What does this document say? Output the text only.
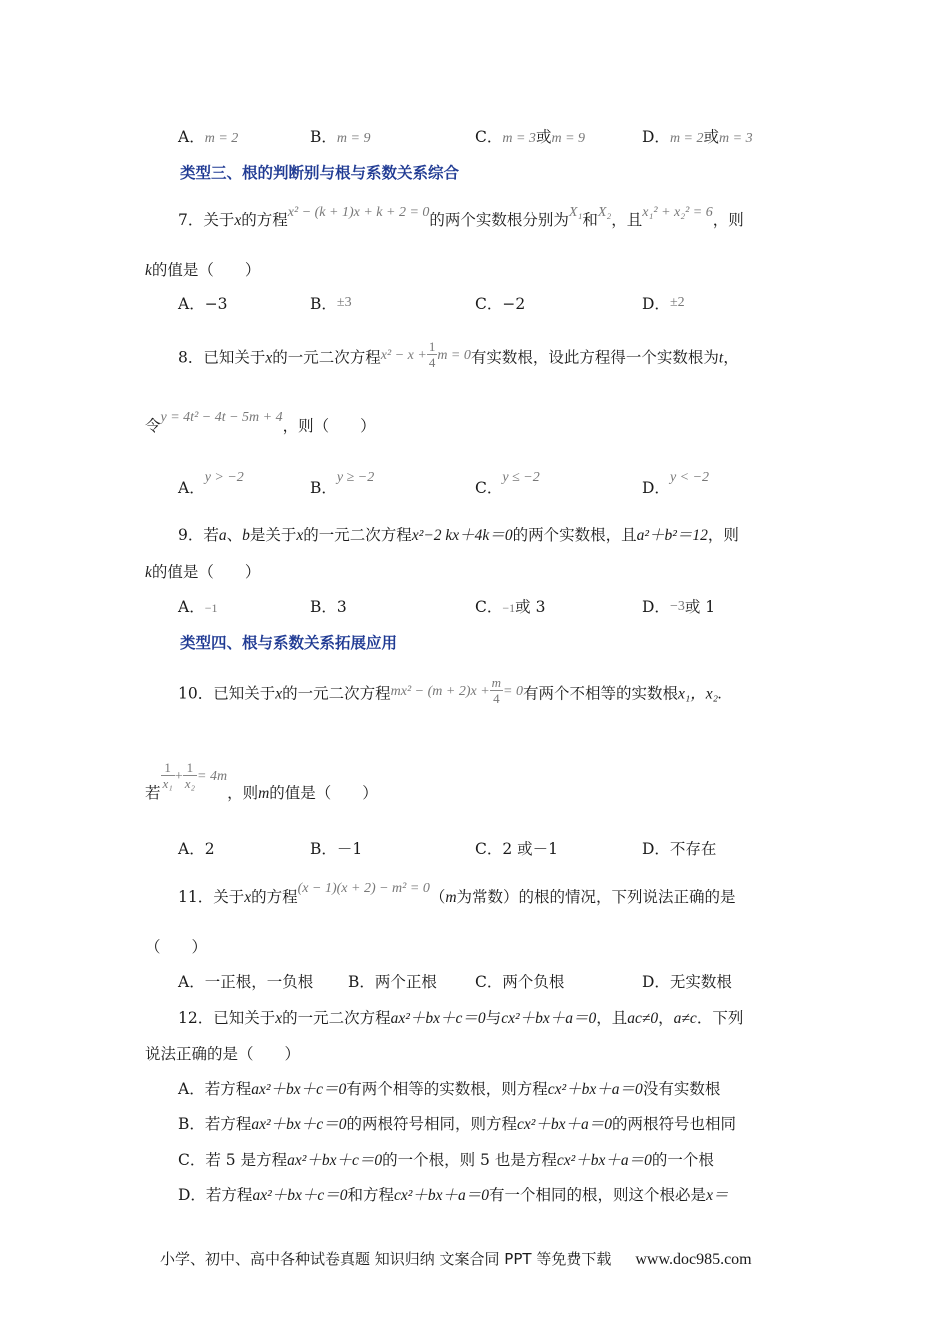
A．m = 2	B．m = 9	C．m = 3或m = 9	D．m = 2或m = 3
类型三、根的判断别与根与系数关系综合
7．关于x的方程x² − (k + 1)x + k + 2 = 0的两个实数根分别为X₁和X₂，且x₁² + x₂² = 6，则
k的值是（　　）
A．−3	B．±3	C．−2	D．±2
8．已知关于x的一元二次方程$x^2 - x + \frac{1}{4}$ m = 0有实数根，设此方程得一个实数根为t，
令y = 4t² − 4t − 5m + 4，则（　　）
A．y > −2
B．y ≥ −2
C．y ≤ −2
D．y < −2
9．若a、b是关于x的一元二次方程x²−2 kx＋4k＝0的两个实数根，且a²＋b²＝12，则
k的值是（　　）
A．−1	B．3	C．−1或 3	D．−3或 1
类型四、根与系数关系拓展应用
10．已知关于x的一元二次方程$mx^2 - (m + 2)x + \frac{m}{4} = 0$有两个不相等的实数根x₁，x₂.
若
$\frac{1}{\text{x₁}} + \frac{1}{\text{x₂}} = 4m$，则m的值是（　　）
A．2	B．－1	C．2 或－1	D．不存在
11．关于x的方程(x − 1)(x + 2) − m² = 0（m为常数）的根的情况，下列说法正确的是
（　　）
A．一正根，一负根 B．两个正根 C．两个负根	D．无实数根
12．已知关于x的一元二次方程ax²＋bx＋c＝0与cx²＋bx＋a＝0，且ac≠0，a≠c．下列
说法正确的是（　　）
A．若方程ax²＋bx＋c＝0有两个相等的实数根，则方程cx²＋bx＋a＝0没有实数根
B．若方程ax²＋bx＋c＝0的两根符号相同，则方程cx²＋bx＋a＝0的两根符号也相同
C．若 5 是方程ax²＋bx＋c＝0的一个根，则 5 也是方程cx²＋bx＋a＝0的一个根
D．若方程ax²＋bx＋c＝0和方程cx²＋bx＋a＝0有一个相同的根，则这个根必是x＝
小学、初中、高中各种试卷真题 知识归纳 文案合同 PPT 等免费下载 www.doc985.com
